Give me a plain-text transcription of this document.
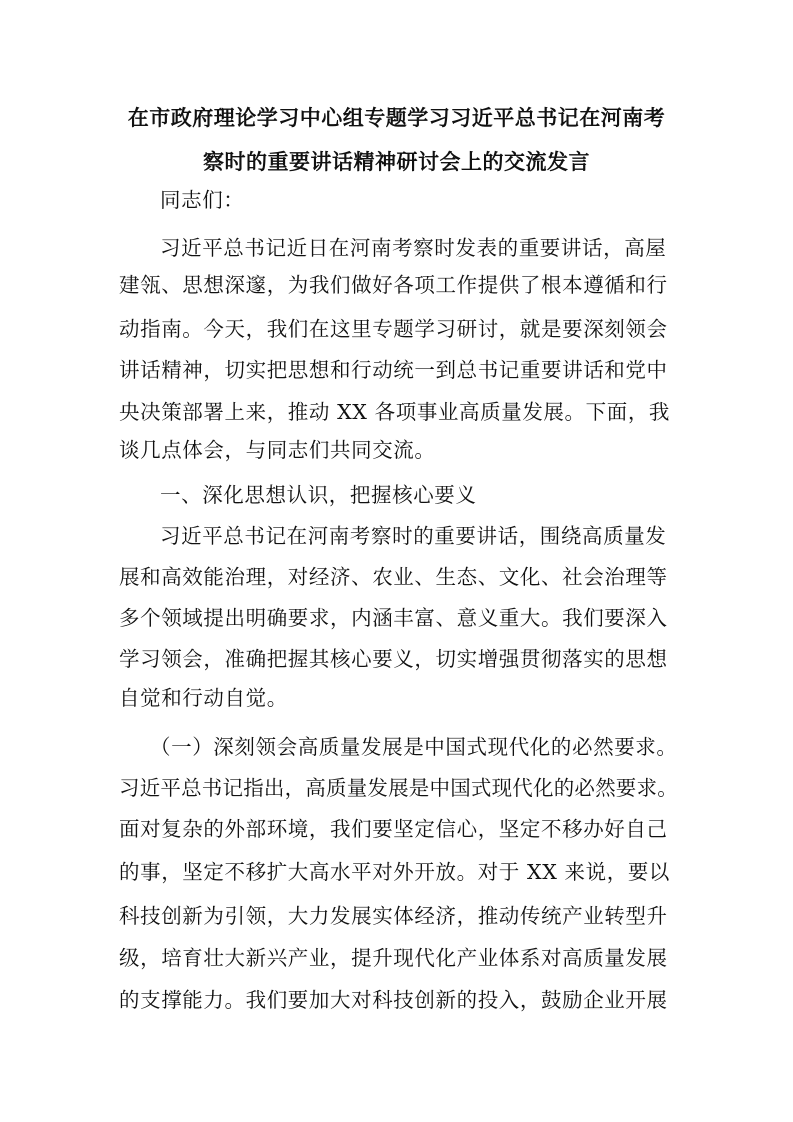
在市政府理论学习中心组专题学习习近平总书记在河南考
察时的重要讲话精神研讨会上的交流发言
同志们：
习近平总书记近日在河南考察时发表的重要讲话，高屋
建瓴、思想深邃，为我们做好各项工作提供了根本遵循和行
动指南。今天，我们在这里专题学习研讨，就是要深刻领会
讲话精神，切实把思想和行动统一到总书记重要讲话和党中
央决策部署上来，推动 XX 各项事业高质量发展。下面，我
谈几点体会，与同志们共同交流。
一、深化思想认识，把握核心要义
习近平总书记在河南考察时的重要讲话，围绕高质量发
展和高效能治理，对经济、农业、生态、文化、社会治理等
多个领域提出明确要求，内涵丰富、意义重大。我们要深入
学习领会，准确把握其核心要义，切实增强贯彻落实的思想
自觉和行动自觉。
（一）深刻领会高质量发展是中国式现代化的必然要求。
习近平总书记指出，高质量发展是中国式现代化的必然要求。
面对复杂的外部环境，我们要坚定信心，坚定不移办好自己
的事，坚定不移扩大高水平对外开放。对于 XX 来说，要以
科技创新为引领，大力发展实体经济，推动传统产业转型升
级，培育壮大新兴产业，提升现代化产业体系对高质量发展
的支撑能力。我们要加大对科技创新的投入，鼓励企业开展
